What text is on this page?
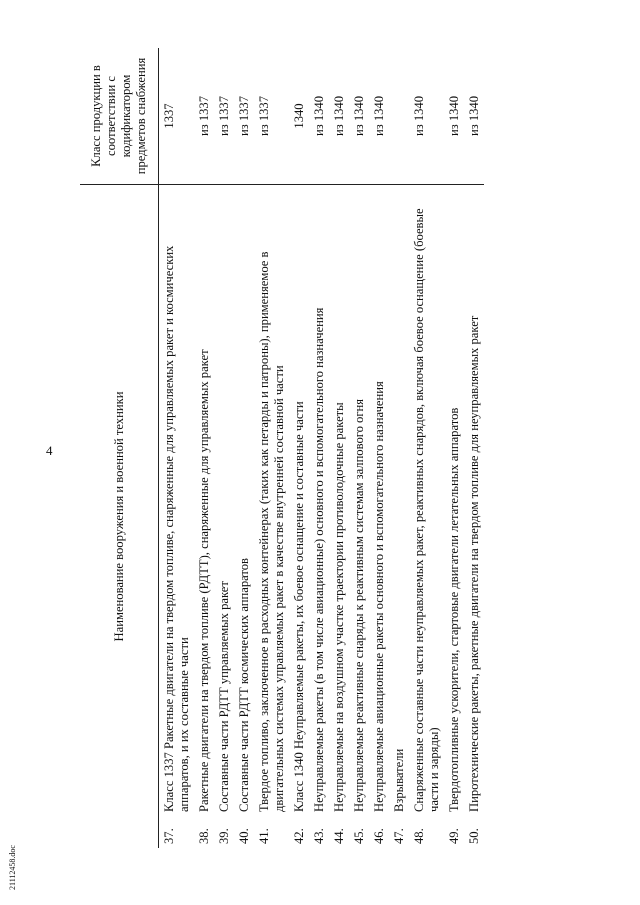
4	Наименование вооружения и военной техники		Класс продукции в соответствии с кодификатором предметов снабжения
37.	Класс 1337 Ракетные двигатели на твердом топливе, снаряженные для управляемых ракет и космических аппаратов, и их составные части	1337
38.	Ракетные двигатели на твердом топливе (РДТТ), снаряженные для управляемых ракет	из 1337
39.	Составные части РДТТ управляемых ракет	из 1337
40.	Составные части РДТТ космических аппаратов	из 1337
41.	Твердое топливо, заключенное в расходных контейнерах (таких как петарды и патроны), применяемое в двигательных системах управляемых ракет в качестве внутренней составной части	из 1337
42.	Класс 1340 Неуправляемые ракеты, их боевое оснащение и составные части	1340
43.	Неуправляемые ракеты (в том числе авиационные) основного и вспомогательного назначения	из 1340
44.	Неуправляемые на воздушном участке траектории противолодочные ракеты	из 1340
45.	Неуправляемые реактивные снаряды к реактивным системам залпового огня	из 1340
46.	Неуправляемые авиационные ракеты основного и вспомогательного назначения	из 1340
47.	Взрыватели	
48.	Снаряженные составные части неуправляемых ракет, реактивных снарядов, включая боевое оснащение (боевые части и заряды)	из 1340
49.	Твердотопливные ускорители, стартовые двигатели летательных аппаратов	из 1340
50.	Пиротехнические ракеты, ракетные двигатели на твердом топливе для неуправляемых ракет	из 1340
21112458.doc
